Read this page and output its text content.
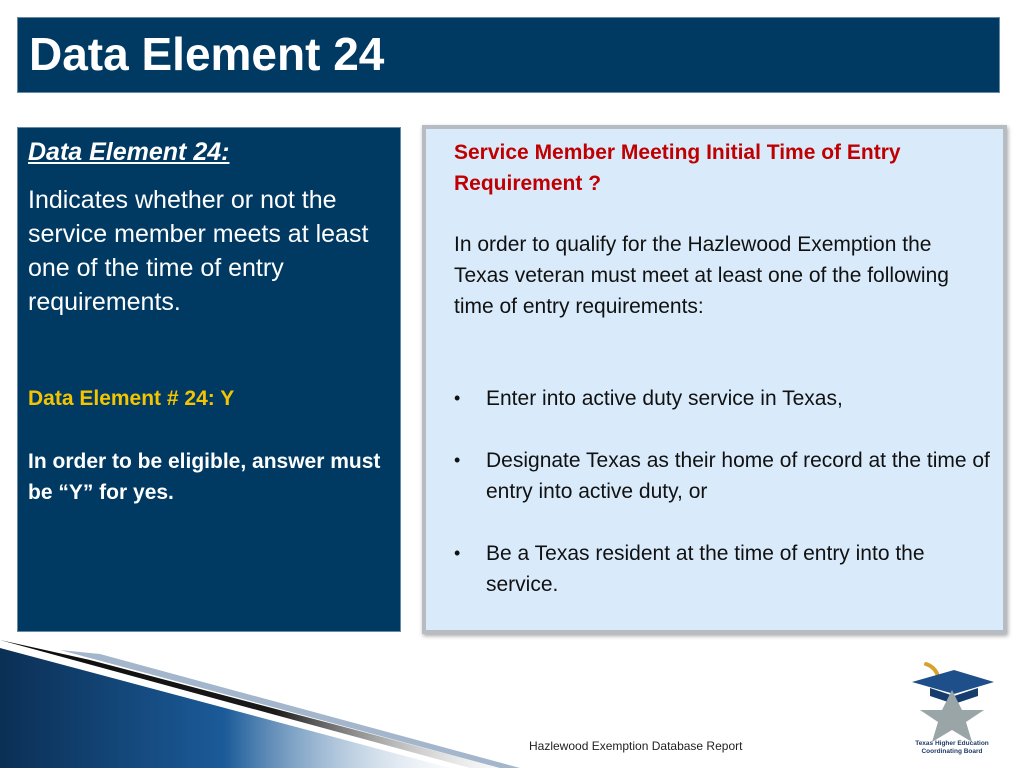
Data Element 24

Data Element 24:

Indicates whether or not the service member meets at least one of the time of entry requirements.

Data Element # 24: Y

In order to be eligible, answer must be “Y” for yes.

Service Member Meeting Initial Time of Entry Requirement ?

In order to qualify for the Hazlewood Exemption the Texas veteran must meet at least one of the following time of entry requirements:

• Enter into active duty service in Texas,
• Designate Texas as their home of record at the time of entry into active duty, or
• Be a Texas resident at the time of entry into the service.

Hazlewood Exemption Database Report	Texas Higher Education
Coordinating Board
